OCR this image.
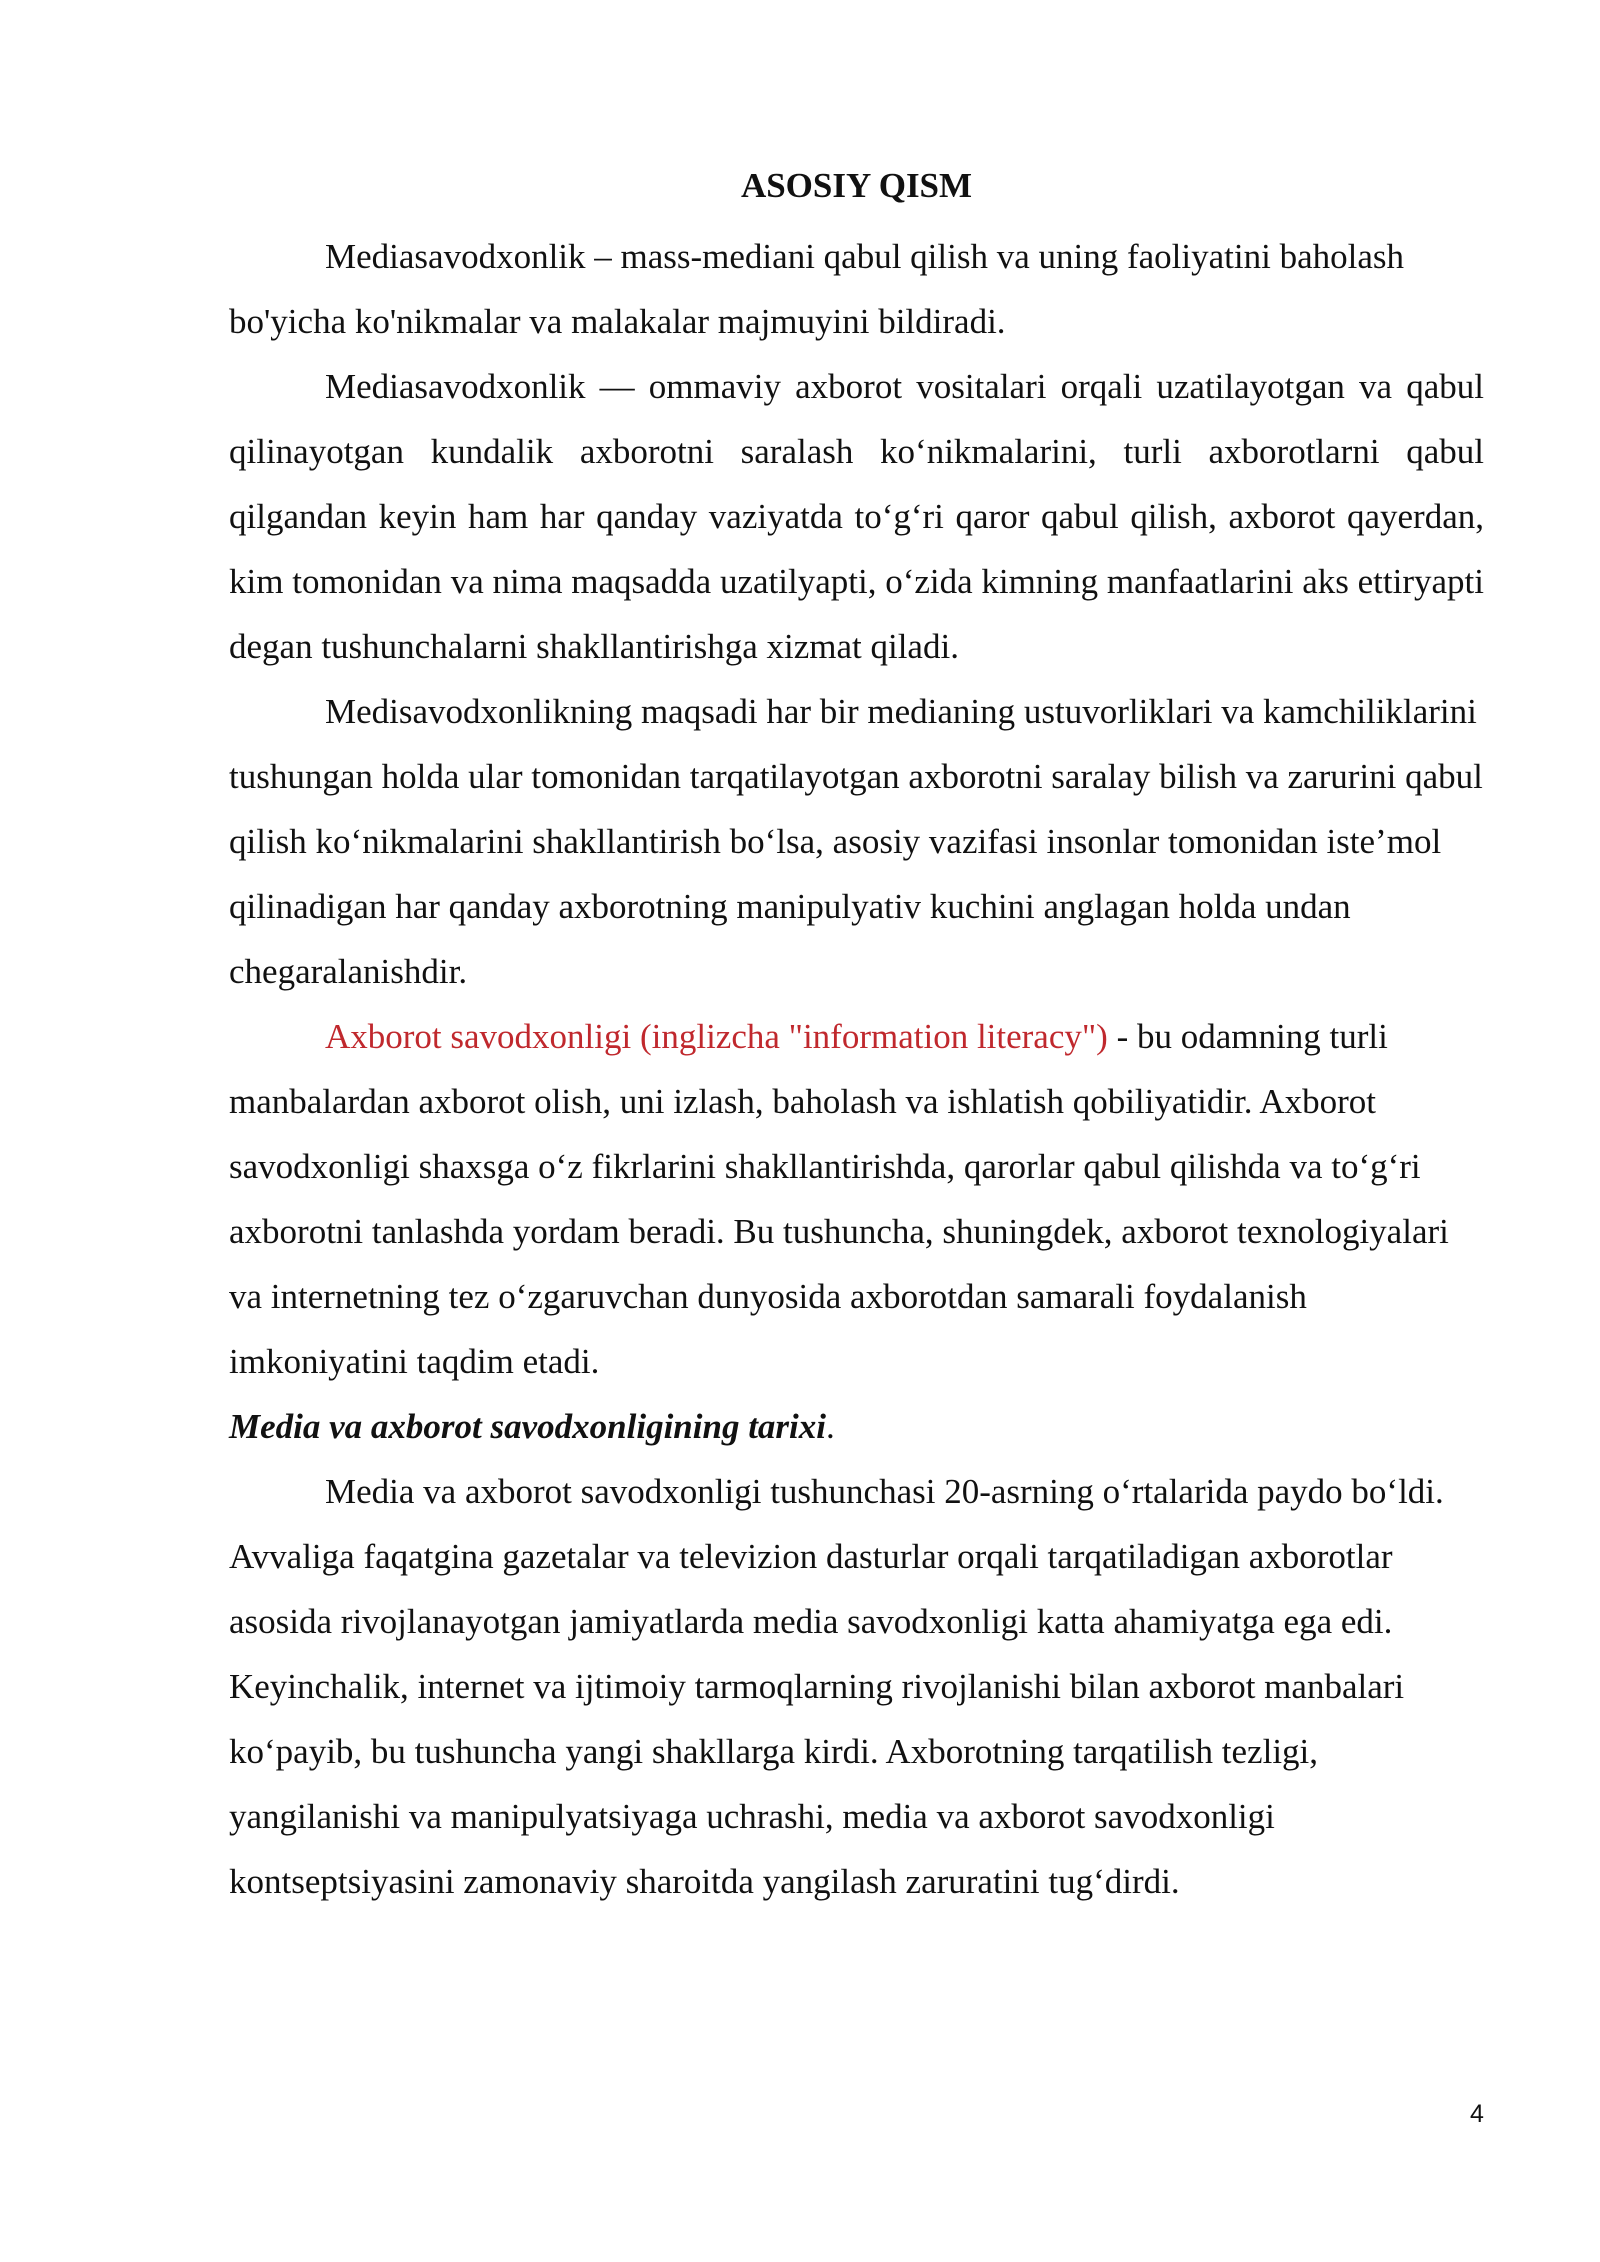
ASOSIY QISM

Mediasavodxonlik – mass-mediani qabul qilish va uning faoliyatini baholash bo'yicha ko'nikmalar va malakalar majmuyini bildiradi.

Mediasavodxonlik — ommaviy axborot vositalari orqali uzatilayotgan va qabul qilinayotgan kundalik axborotni saralash ko‘nikmalarini, turli axborotlarni qabul qilgandan keyin ham har qanday vaziyatda to‘g‘ri qaror qabul qilish, axborot qayerdan, kim tomonidan va nima maqsadda uzatilyapti, o‘zida kimning manfaatlarini aks ettiryapti degan tushunchalarni shakllantirishga xizmat qiladi.

Medisavodxonlikning maqsadi har bir medianing ustuvorliklari va kamchiliklarini tushungan holda ular tomonidan tarqatilayotgan axborotni saralay bilish va zarurini qabul qilish ko‘nikmalarini shakllantirish bo‘lsa, asosiy vazifasi insonlar tomonidan iste’mol qilinadigan har qanday axborotning manipulyativ kuchini anglagan holda undan chegaralanishdir.

Axborot savodxonligi (inglizcha "information literacy") - bu odamning turli manbalardan axborot olish, uni izlash, baholash va ishlatish qobiliyatidir. Axborot savodxonligi shaxsga o‘z fikrlarini shakllantirishda, qarorlar qabul qilishda va to‘g‘ri axborotni tanlashda yordam beradi. Bu tushuncha, shuningdek, axborot texnologiyalari va internetning tez o‘zgaruvchan dunyosida axborotdan samarali foydalanish imkoniyatini taqdim etadi.

Media va axborot savodxonligining tarixi.

Media va axborot savodxonligi tushunchasi 20-asrning o‘rtalarida paydo bo‘ldi. Avvaliga faqatgina gazetalar va televizion dasturlar orqali tarqatiladigan axborotlar asosida rivojlanayotgan jamiyatlarda media savodxonligi katta ahamiyatga ega edi. Keyinchalik, internet va ijtimoiy tarmoqlarning rivojlanishi bilan axborot manbalari ko‘payib, bu tushuncha yangi shakllarga kirdi. Axborotning tarqatilish tezligi, yangilanishi va manipulyatsiyaga uchrashi, media va axborot savodxonligi kontseptsiyasini zamonaviy sharoitda yangilash zaruratini tug‘dirdi.

4
